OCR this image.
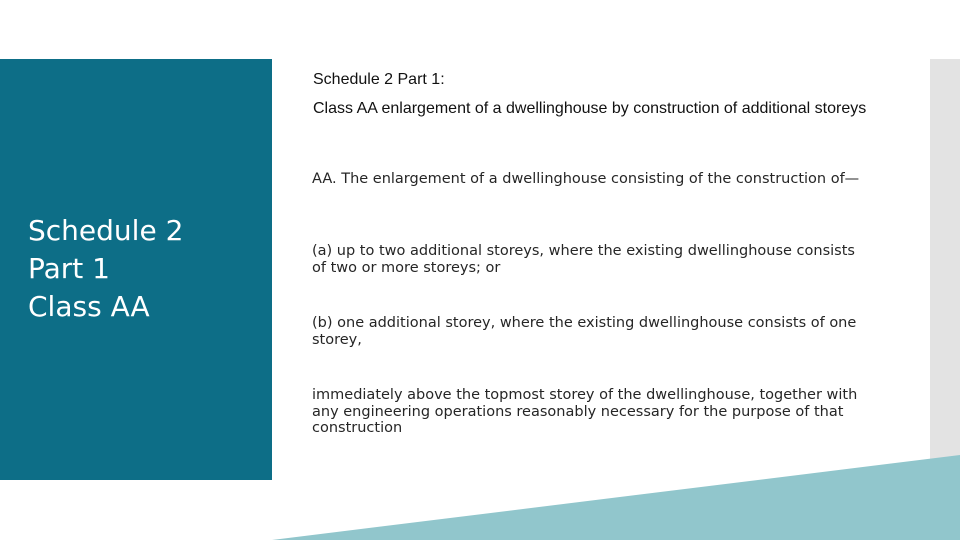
Schedule 2
Part 1
Class AA
Schedule 2 Part 1:
Class AA enlargement of a dwellinghouse by construction of additional storeys
AA. The enlargement of a dwellinghouse consisting of the construction of—
(a) up to two additional storeys, where the existing dwellinghouse consists of two or more storeys; or
(b) one additional storey, where the existing dwellinghouse consists of one storey,
immediately above the topmost storey of the dwellinghouse, together with any engineering operations reasonably necessary for the purpose of that construction
